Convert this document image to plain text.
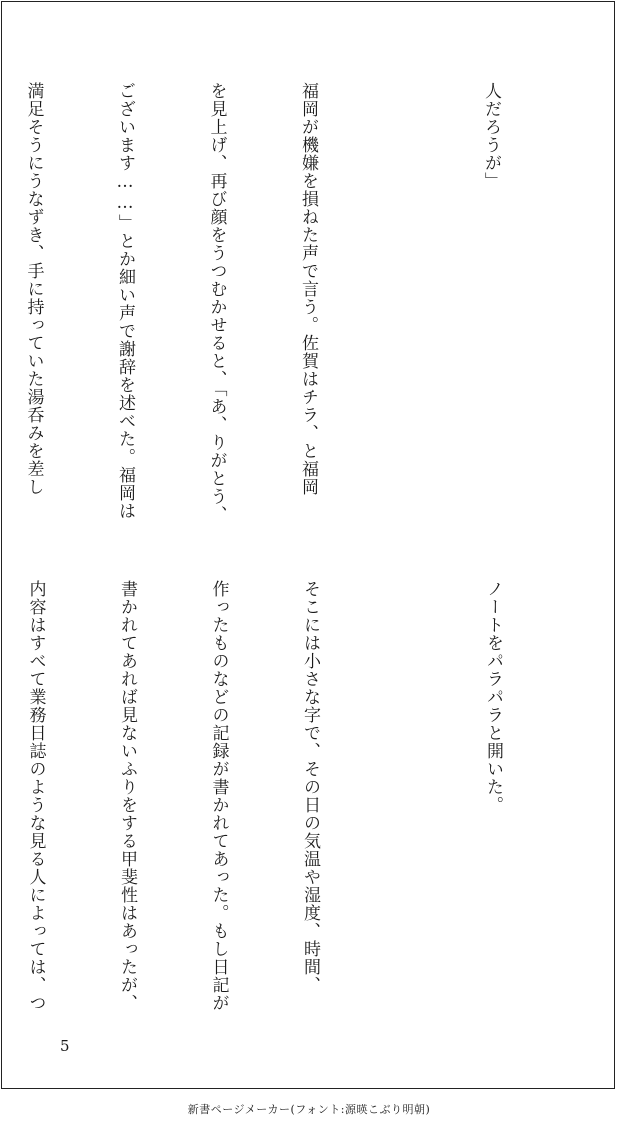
人だろうが」

福岡が機嫌を損ねた声で言う。佐賀はチラ、と福岡

を見上げ、再び顔をうつむかせると、「あ、りがとう、

ございます……」とか細い声で謝辞を述べた。福岡は

満足そうにうなずき、手に持っていた湯呑みを差し

ノートをパラパラと開いた。

そこには小さな字で、その日の気温や湿度、時間、

作ったものなどの記録が書かれてあった。もし日記が

書かれてあれば見ないふりをする甲斐性はあったが、

内容はすべて業務日誌のような見る人によっては、つ

5
新書ページメーカー(フォント:源暎こぶり明朝)
